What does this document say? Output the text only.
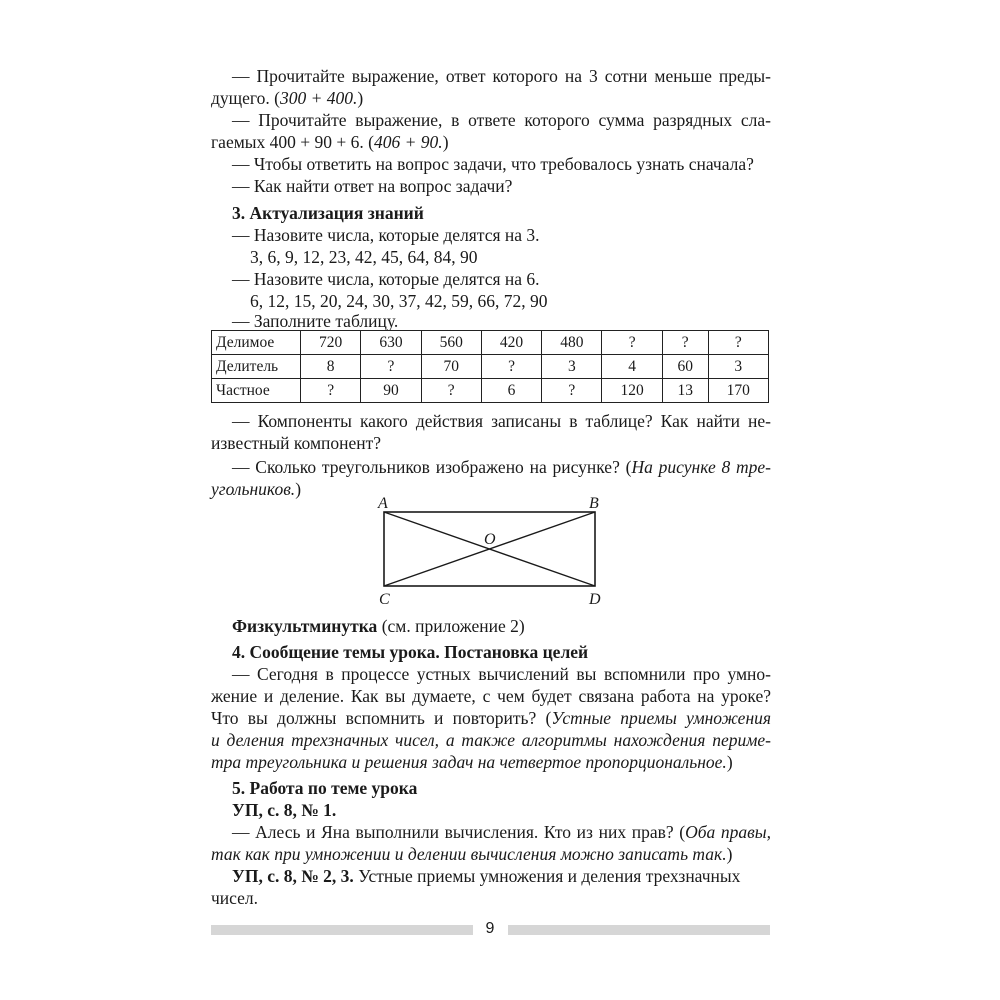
— Прочитайте выражение, ответ которого на 3 сотни меньше преды-
дущего. (300 + 400.)
— Прочитайте выражение, в ответе которого сумма разрядных сла-
гаемых 400 + 90 + 6. (406 + 90.)
— Чтобы ответить на вопрос задачи, что требовалось узнать сначала?
— Как найти ответ на вопрос задачи?
3. Актуализация знаний
— Назовите числа, которые делятся на 3.
3, 6, 9, 12, 23, 42, 45, 64, 84, 90
— Назовите числа, которые делятся на 6.
6, 12, 15, 20, 24, 30, 37, 42, 59, 66, 72, 90
— Заполните таблицу.
Делимое	720	630	560	420	480	?	?	?
Делитель	8	?	70	?	3	4	60	3
Частное	?	90	?	6	?	120	13	170
— Компоненты какого действия записаны в таблице? Как найти не-
известный компонент?
— Сколько треугольников изображено на рисунке? (На рисунке 8 тре-
угольников.)
A	B
C	D
O
Физкультминутка (см. приложение 2)
4. Сообщение темы урока. Постановка целей
— Сегодня в процессе устных вычислений вы вспомнили про умно-
жение и деление. Как вы думаете, с чем будет связана работа на уроке?
Что вы должны вспомнить и повторить? (Устные приемы умножения
и деления трехзначных чисел, а также алгоритмы нахождения периме-
тра треугольника и решения задач на четвертое пропорциональное.)
5. Работа по теме урока
УП, с. 8, № 1.
— Алесь и Яна выполнили вычисления. Кто из них прав? (Оба правы,
так как при умножении и делении вычисления можно записать так.)
УП, с. 8, № 2, 3. Устные приемы умножения и деления трехзначных
чисел.
9
